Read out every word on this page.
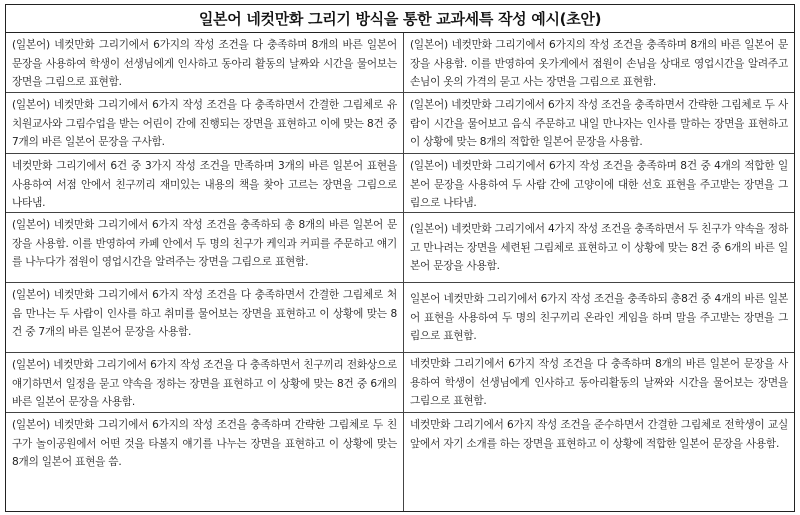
일본어 네컷만화 그리기 방식을 통한 교과세특 작성 예시(초안)
(일본어) 네컷만화 그리기에서 6가지의 작성 조건을 다 충족하며 8개의 바른 일본어 문장을 사용하여 학생이 선생님에게 인사하고 동아리 활동의 날짜와 시간을 물어보는 장면을 그림으로 표현함.
(일본어) 네컷만화 그리기에서 6가지의 작성 조건을 충족하며 8개의 바른 일본어 문장을 사용함. 이를 반영하여 옷가게에서 점원이 손님을 상대로 영업시간을 알려주고 손님이 옷의 가격의 묻고 사는 장면을 그림으로 표현함.
(일본어) 네컷만화 그리기에서 6가지 작성 조건을 다 충족하면서 간결한 그림체로 유치원교사와 그림수업을 받는 어린이 간에 진행되는 장면을 표현하고 이에 맞는 8건 중 7개의 바른 일본어 문장을 구사함.
(일본어) 네컷만화 그리기에서 6가지 작성 조건을 충족하면서 간략한 그림체로 두 사람이 시간을 물어보고 음식 주문하고 내일 만나자는 인사를 말하는 장면을 표현하고 이 상황에 맞는 8개의 적합한 일본어 문장을 사용함.
네컷만화 그리기에서 6건 중 3가지 작성 조건을 만족하며 3개의 바른 일본어 표현을 사용하여 서점 안에서 친구끼리 재미있는 내용의 책을 찾아 고르는 장면을 그림으로 나타냄.
(일본어) 네컷만화 그리기에서 6가지 작성 조건을 충족하며 8건 중 4개의 적합한 일본어 문장을 사용하여 두 사람 간에 고양이에 대한 선호 표현을 주고받는 장면을 그림으로 나타냄.
(일본어) 네컷만화 그리기에서 6가지 작성 조건을 충족하되 총 8개의 바른 일본어 문장을 사용함. 이를 반영하여 카페 안에서 두 명의 친구가 케익과 커피를 주문하고 얘기를 나누다가 점원이 영업시간을 알려주는 장면을 그림으로 표현함.
(일본어) 네컷만화 그리기에서 4가지 작성 조건을 충족하면서 두 친구가 약속을 정하고 만나려는 장면을 세련된 그림체로 표현하고 이 상황에 맞는 8건 중 6개의 바른 일본어 문장을 사용함.
(일본어) 네컷만화 그리기에서 6가지 작성 조건을 다 충족하면서 간결한 그림체로 처음 만나는 두 사람이 인사를 하고 취미를 물어보는 장면을 표현하고 이 상황에 맞는 8건 중 7개의 바른 일본어 문장을 사용함.
일본어 네컷만화 그리기에서 6가지 작성 조건을 충족하되 총8건 중 4개의 바른 일본어 표현을 사용하여 두 명의 친구끼리 온라인 게임을 하며 말을 주고받는 장면을 그림으로 표현함.
(일본어) 네컷만화 그리기에서 6가지 작성 조건을 다 충족하면서 친구끼리 전화상으로 얘기하면서 일정을 묻고 약속을 정하는 장면을 표현하고 이 상황에 맞는 8건 중 6개의 바른 일본어 문장을 사용함.
네컷만화 그리기에서 6가지 작성 조건을 다 충족하며 8개의 바른 일본어 문장을 사용하여 학생이 선생님에게 인사하고 동아리활동의 날짜와 시간을 물어보는 장면을 그림으로 표현함.
(일본어) 네컷만화 그리기에서 6가지의 작성 조건을 충족하며 간략한 그림체로 두 친구가 놀이공원에서 어떤 것을 타볼지 얘기를 나누는 장면을 표현하고 이 상황에 맞는 8개의 일본어 표현을 씀.
네컷만화 그리기에서 6가지 작성 조건을 준수하면서 간결한 그림체로 전학생이 교실 앞에서 자기 소개를 하는 장면을 표현하고 이 상황에 적합한 일본어 문장을 사용함.
